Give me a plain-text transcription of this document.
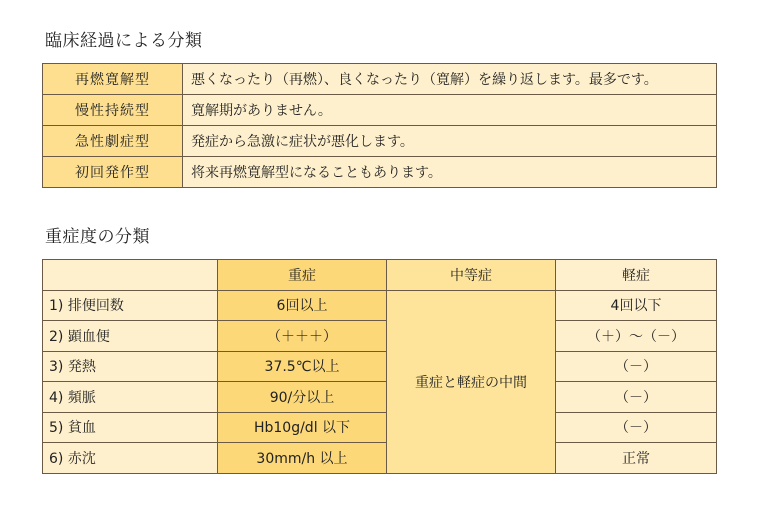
臨床経過による分類
再燃寛解型	悪くなったり（再燃）、良くなったり（寛解）を繰り返します。最多です。
慢性持続型	寛解期がありません。
急性劇症型	発症から急激に症状が悪化します。
初回発作型	将来再燃寛解型になることもあります。
重症度の分類
	重症	中等症	軽症
1) 排便回数	6回以上	重症と軽症の中間	4回以下
2) 顕血便	（＋＋＋）		（＋）～（－）
3) 発熱	37.5℃以上		（－）
4) 頻脈	90/分以上		（－）
5) 貧血	Hb10g/dl 以下		（－）
6) 赤沈	30mm/h 以上		正常
